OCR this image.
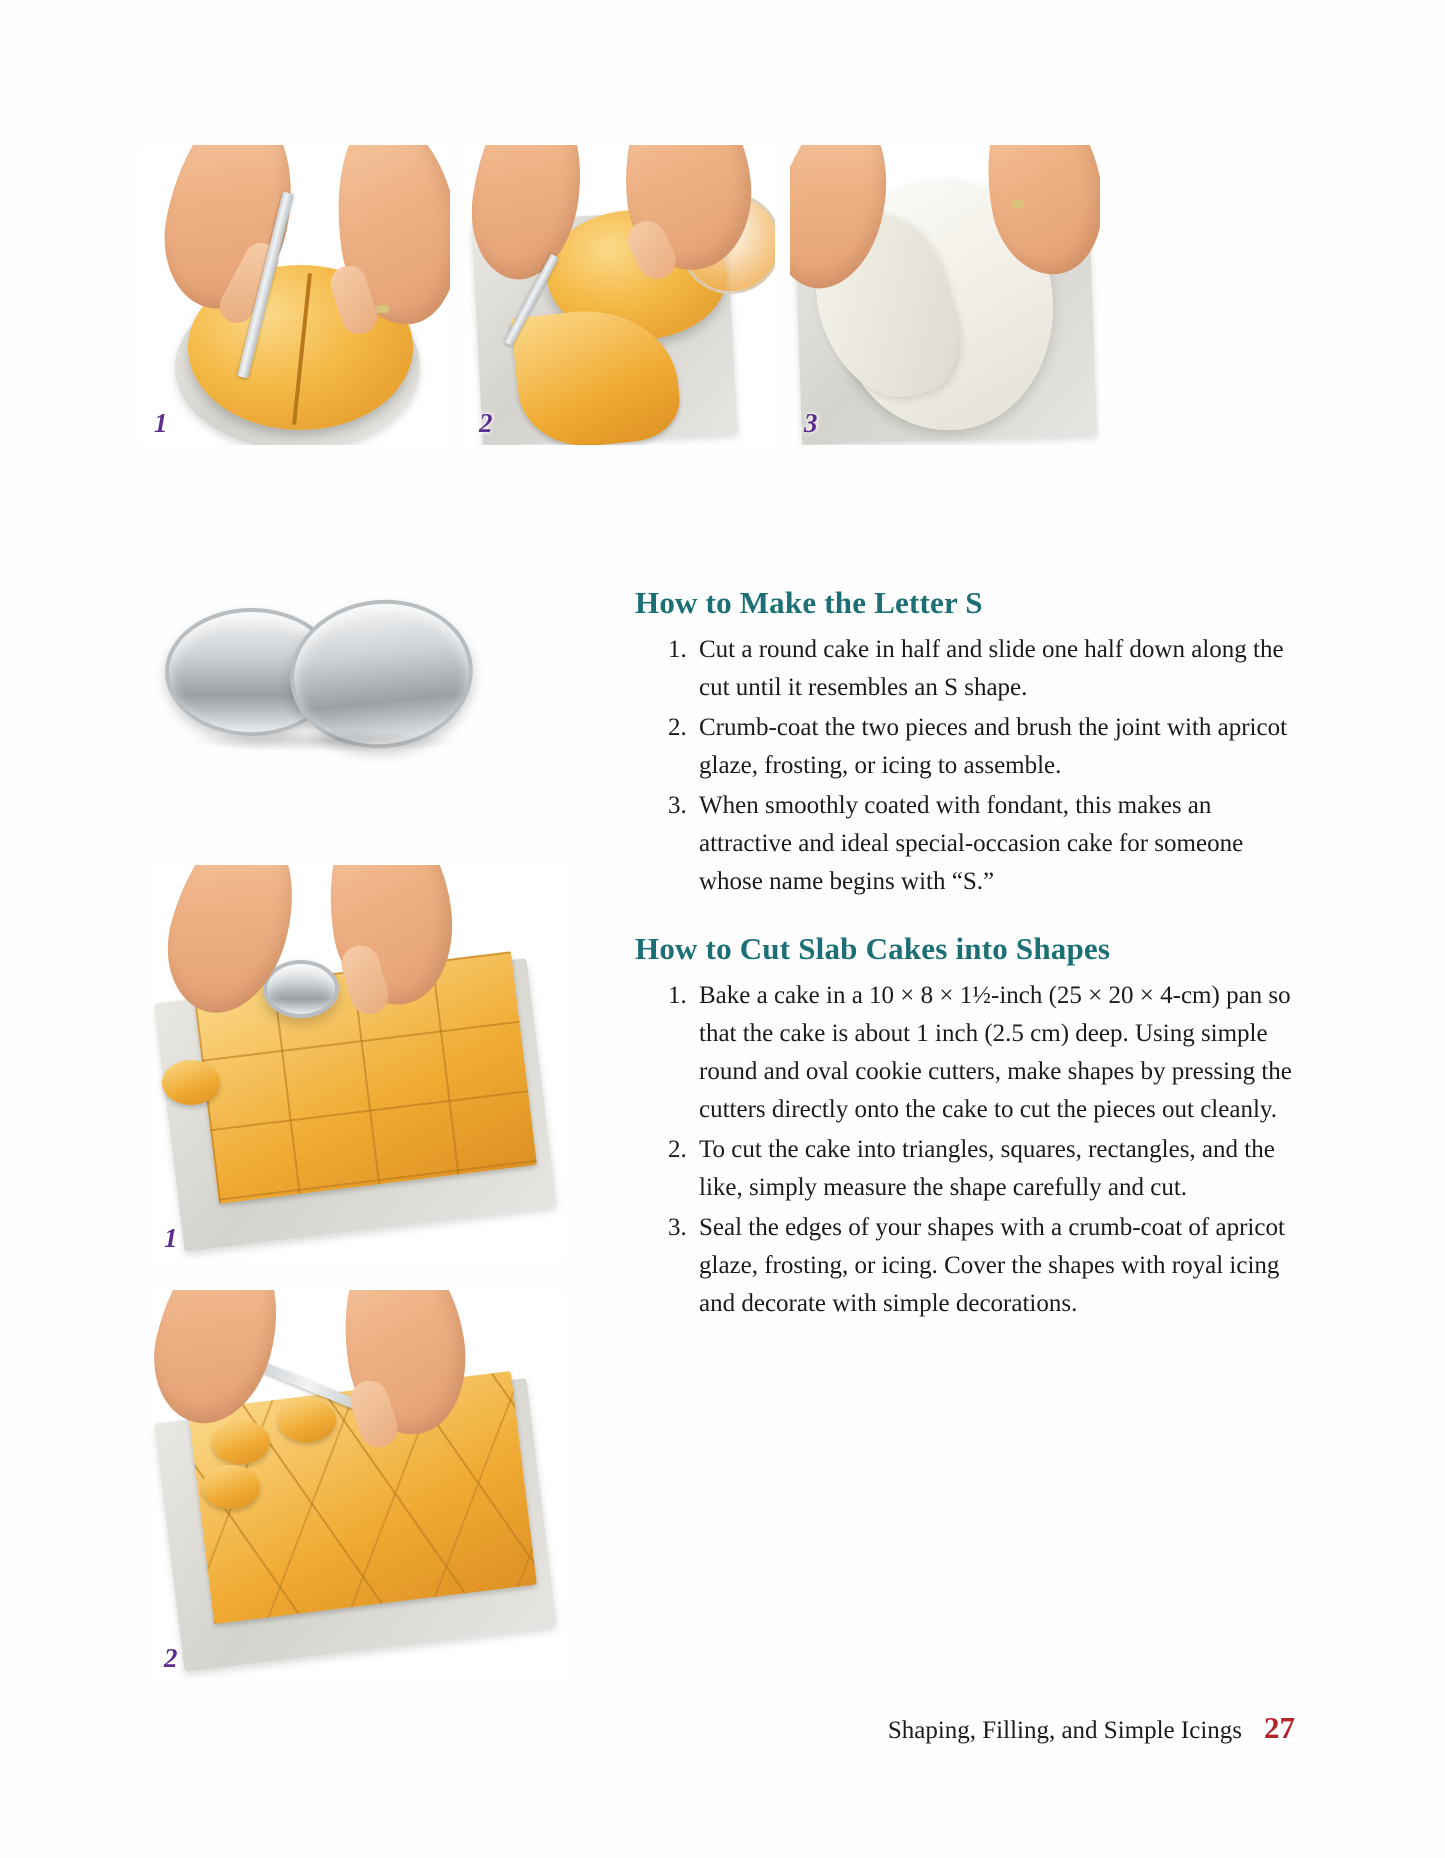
1	2	3
1
2
How to Make the Letter S
1. Cut a round cake in half and slide one half down along the cut until it resembles an S shape.
2. Crumb-coat the two pieces and brush the joint with apricot glaze, frosting, or icing to assemble.
3. When smoothly coated with fondant, this makes an attractive and ideal special-occasion cake for someone whose name begins with “S.”
How to Cut Slab Cakes into Shapes
1. Bake a cake in a 10 × 8 × 1½-inch (25 × 20 × 4-cm) pan so that the cake is about 1 inch (2.5 cm) deep. Using simple round and oval cookie cutters, make shapes by pressing the cutters directly onto the cake to cut the pieces out cleanly.
2. To cut the cake into triangles, squares, rectangles, and the like, simply measure the shape carefully and cut.
3. Seal the edges of your shapes with a crumb-coat of apricot glaze, frosting, or icing. Cover the shapes with royal icing and decorate with simple decorations.
Shaping, Filling, and Simple Icings 27
